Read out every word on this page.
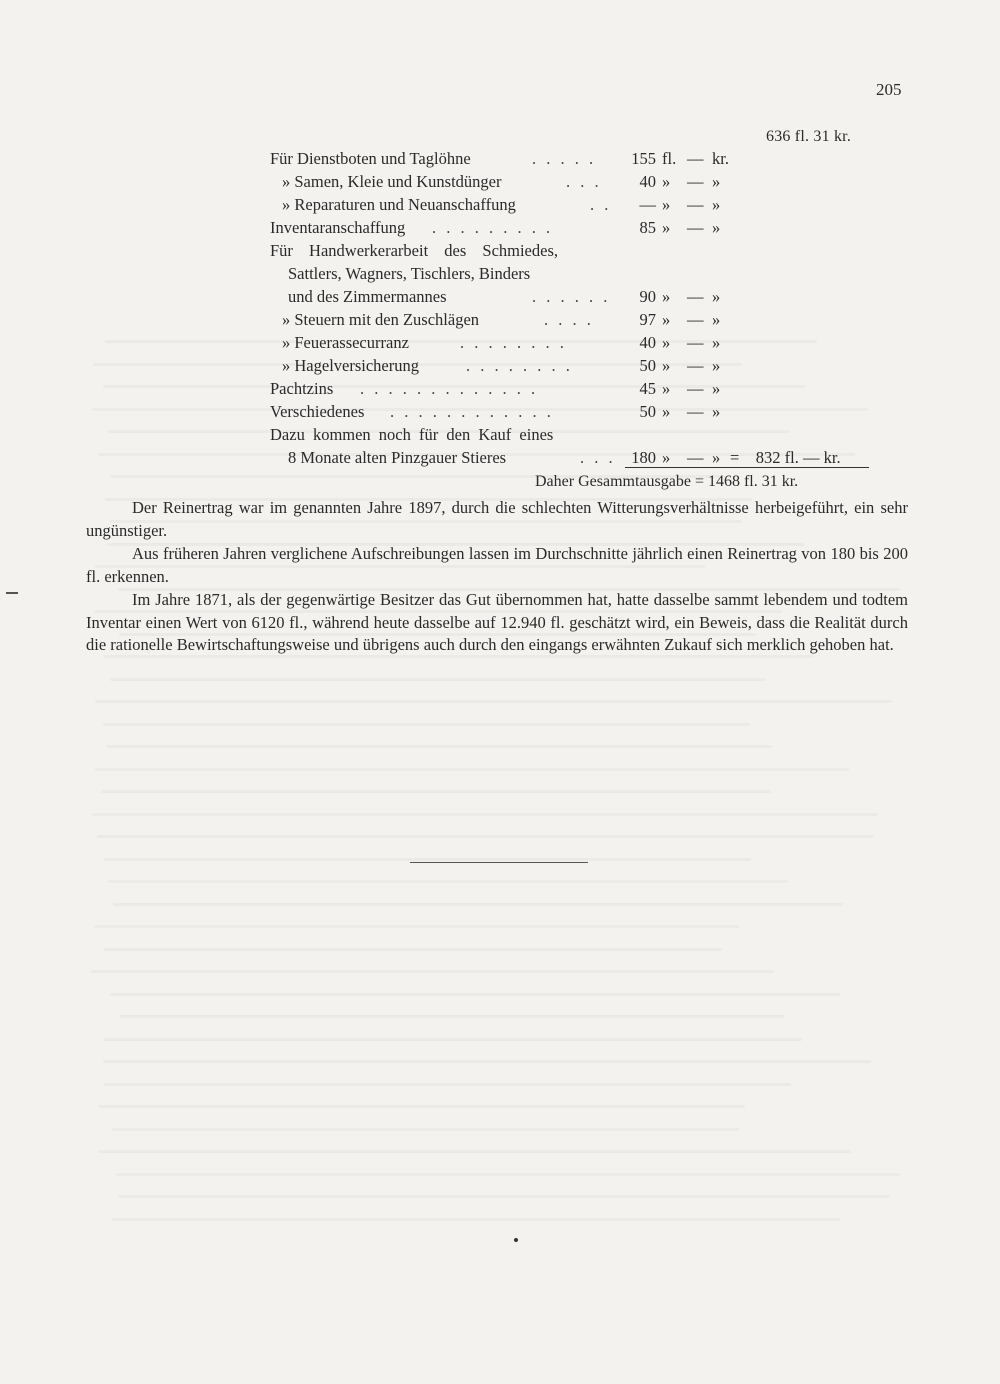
205
636 fl. 31 kr.
Für Dienstboten und Taglöhne	. . . . .	155 fl. — kr.
» Samen, Kleie und Kunstdünger	. . .	40 » — »
» Reparaturen und Neuanschaffung	. .	— » — »
Inventaranschaffung . . . . . . . . .	85 » — »
Für Handwerkerarbeit des Schmiedes,
Sattlers, Wagners, Tischlers, Binders
und des Zimmermannes	. . . . . .	90 » — »
» Steuern mit den Zuschlägen	. . . .	97 » — »
» Feuerassecurranz	. . . . . . . .	40 » — »
» Hagelversicherung	. . . . . . . .	50 » — »
Pachtzins . . . . . . . . . . . . .	45 » — »
Verschiedenes . . . . . . . . . . . .	50 » — »
Dazu kommen noch für den Kauf eines
8 Monate alten Pinzgauer Stieres	. . . 180 » — » =    832 fl. — kr.
Daher Gesammtausgabe = 1468 fl. 31 kr.

Der Reinertrag war im genannten Jahre 1897, durch die schlechten Witterungsverhältnisse herbeigeführt, ein sehr ungünstiger.

Aus früheren Jahren verglichene Aufschreibungen lassen im Durchschnitte jährlich einen Reinertrag von 180 bis 200 fl. erkennen.

Im Jahre 1871, als der gegenwärtige Besitzer das Gut übernommen hat, hatte dasselbe sammt lebendem und todtem Inventar einen Wert von 6120 fl., während heute dasselbe auf 12.940 fl. geschätzt wird, ein Beweis, dass die Realität durch die rationelle Bewirtschaftungsweise und übrigens auch durch den eingangs erwähnten Zukauf sich merklich gehoben hat.
